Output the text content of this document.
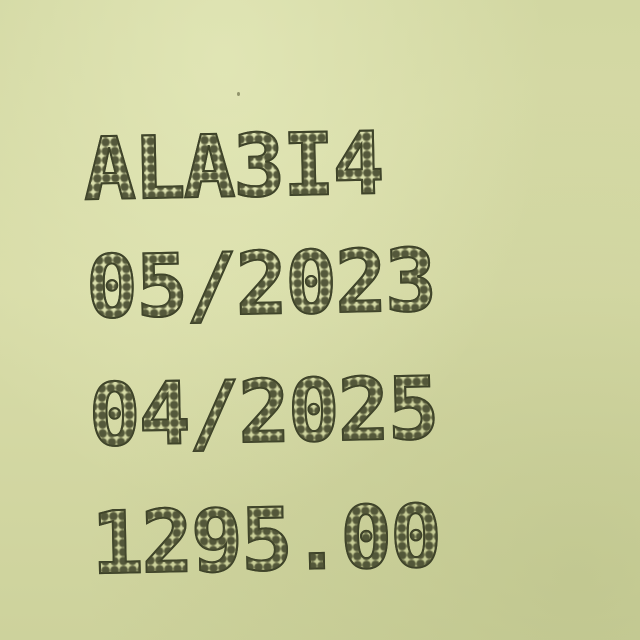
ALA3I4 ALA3I4

05/2023 05/2023

04/2025 04/2025

1295.00 1295.00
